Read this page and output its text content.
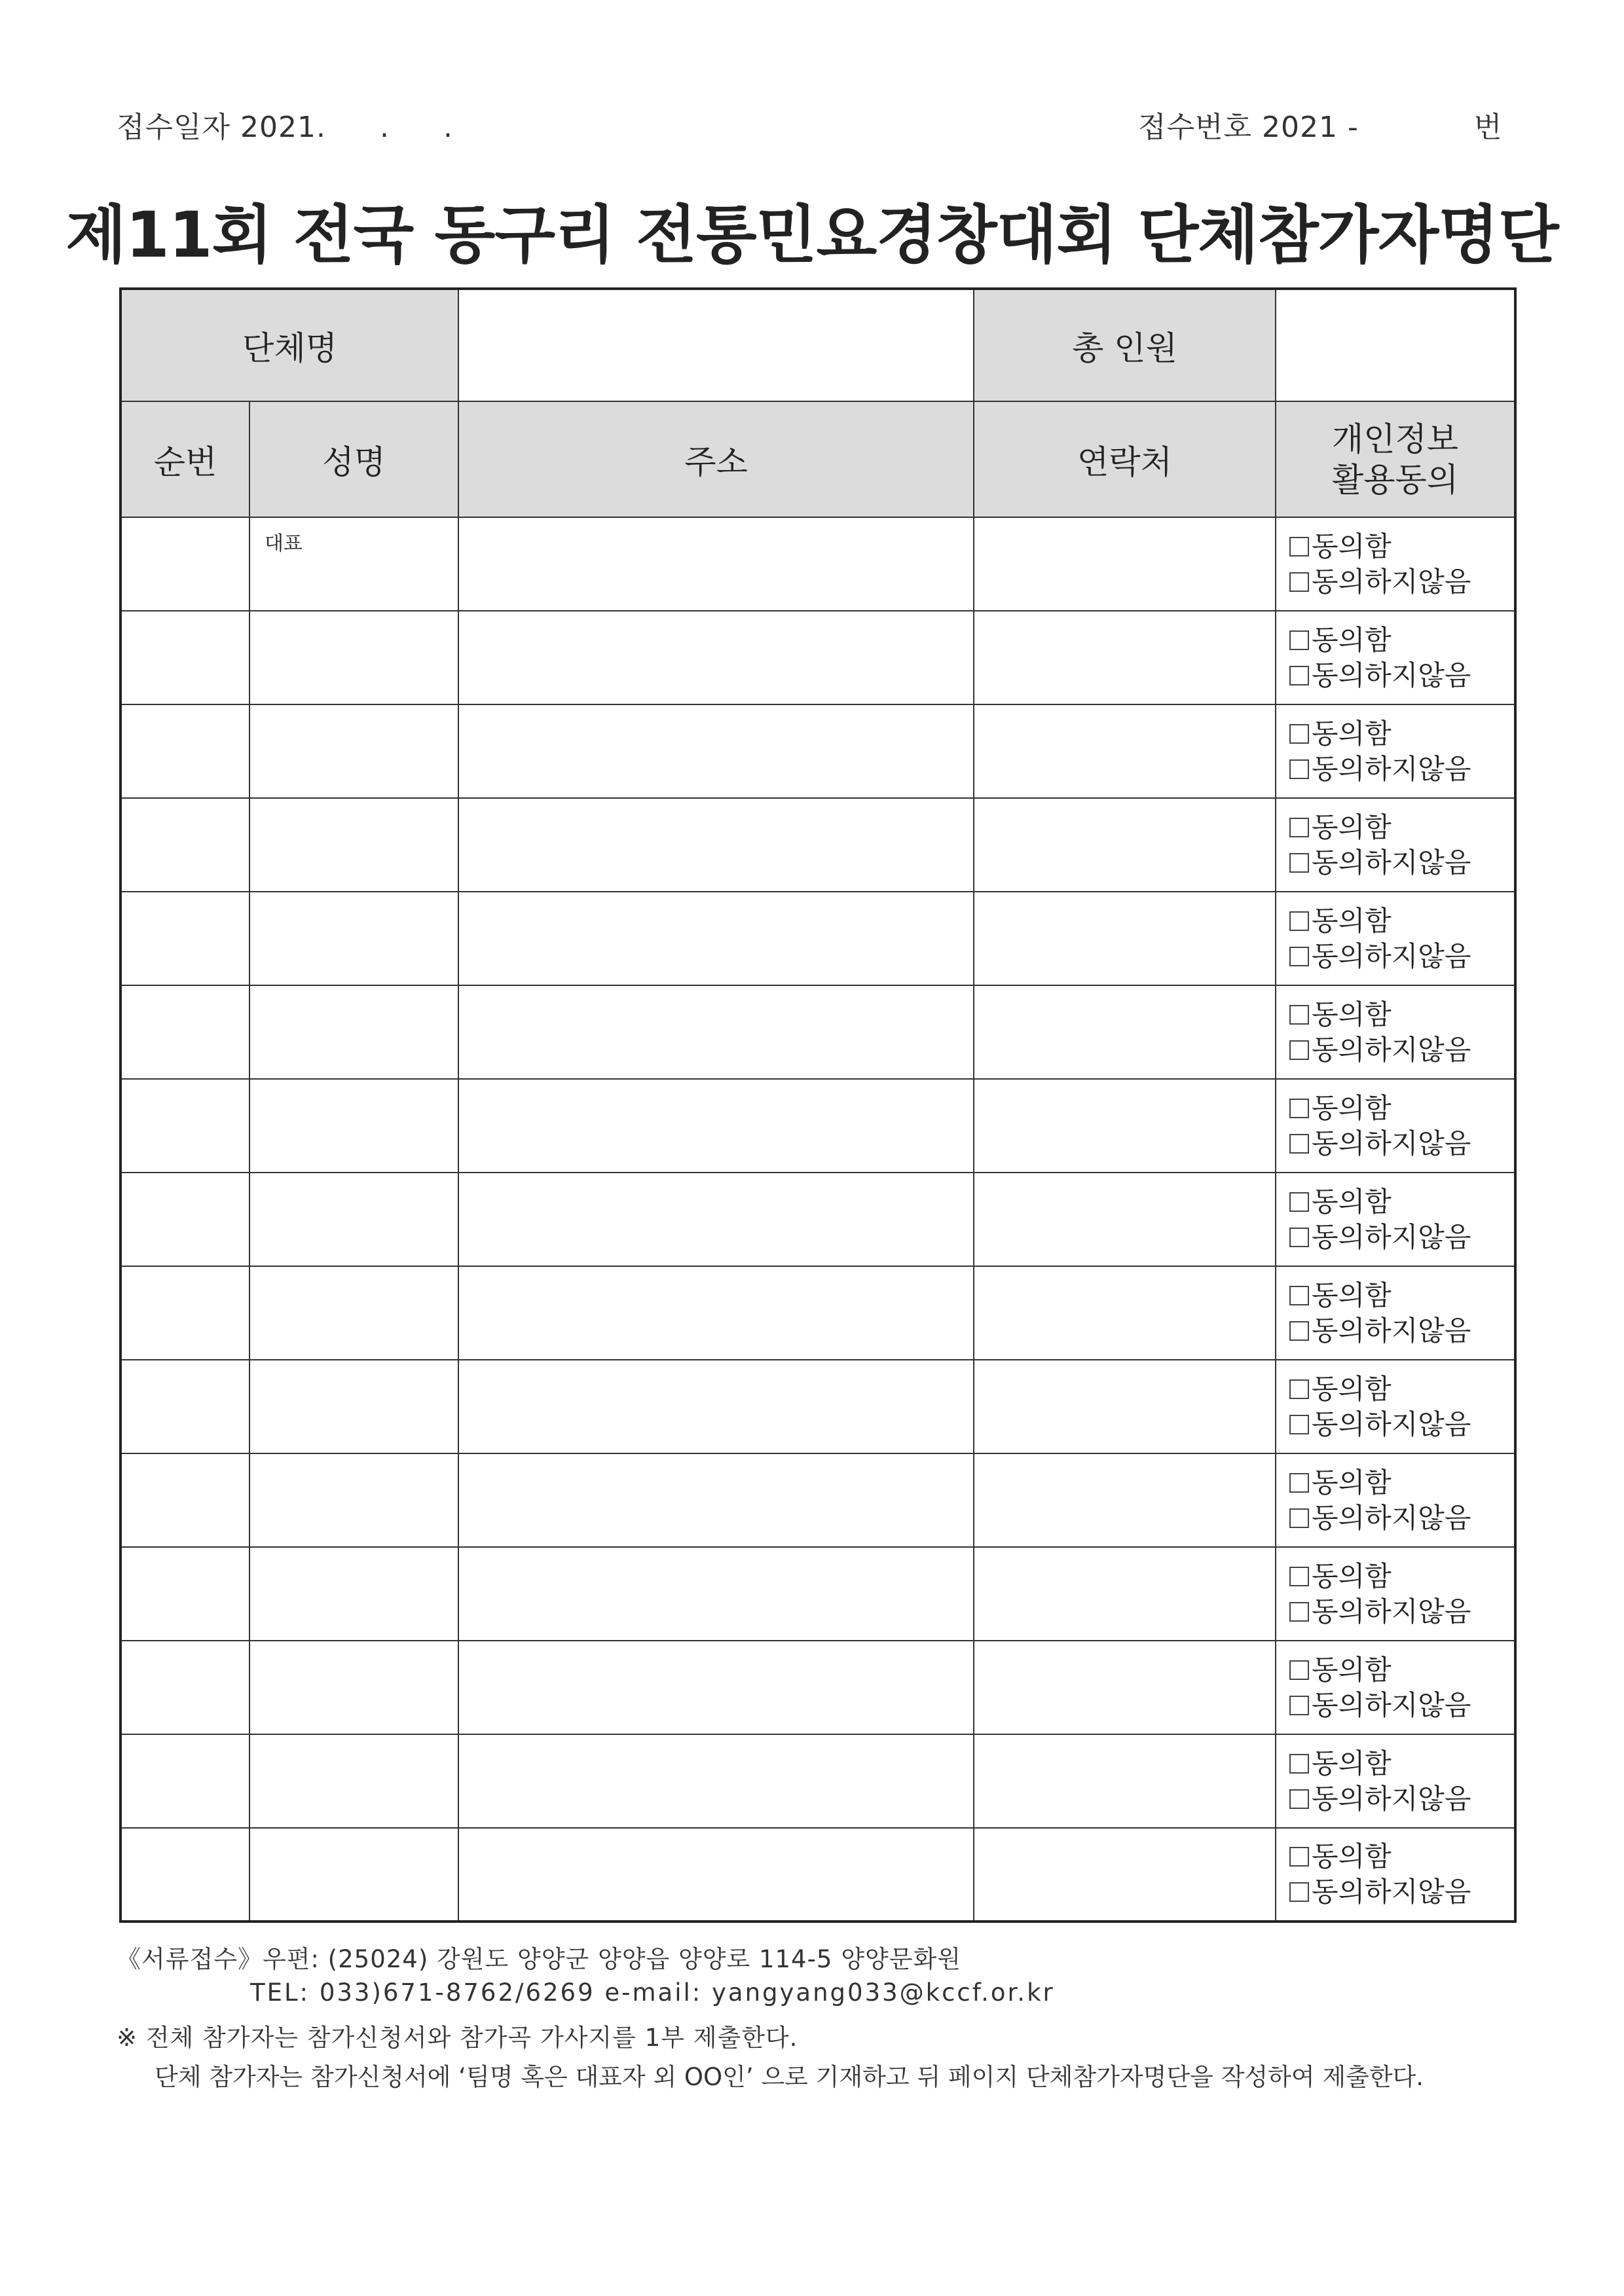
접수일자 2021. . .	접수번호 2021 -	번
제11회 전국 동구리 전통민요경창대회 단체참가자명단
단체명			총 인원	
순번	성명	주소	연락처	개인정보
활용동의

	대표			동의함
동의하지않음

				동의함
동의하지않음

				동의함
동의하지않음

				동의함
동의하지않음

				동의함
동의하지않음

				동의함
동의하지않음

				동의함
동의하지않음

				동의함
동의하지않음

				동의함
동의하지않음

				동의함
동의하지않음

				동의함
동의하지않음

				동의함
동의하지않음

				동의함
동의하지않음

				동의함
동의하지않음

				동의함
동의하지않음
《서류접수》우편: (25024) 강원도 양양군 양양읍 양양로 114-5 양양문화원
TEL: 033)671-8762/6269 e-mail: yangyang033@kccf.or.kr
※ 전체 참가자는 참가신청서와 참가곡 가사지를 1부 제출한다.
단체 참가자는 참가신청서에 ‘팀명 혹은 대표자 외 OO인’ 으로 기재하고 뒤 페이지 단체참가자명단을 작성하여 제출한다.
